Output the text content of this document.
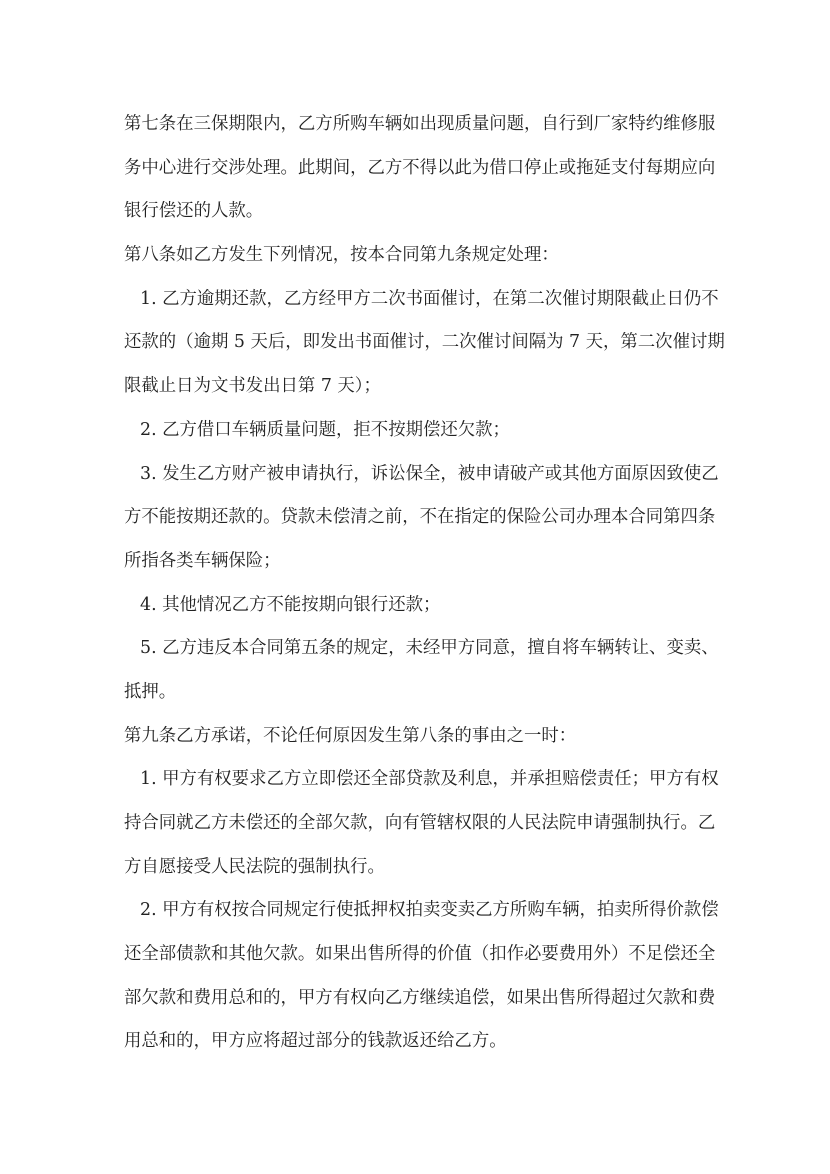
第七条在三保期限内，乙方所购车辆如出现质量问题，自行到厂家特约维修服
务中心进行交涉处理。此期间，乙方不得以此为借口停止或拖延支付每期应向
银行偿还的人款。
第八条如乙方发生下列情况，按本合同第九条规定处理：
1. 乙方逾期还款，乙方经甲方二次书面催讨，在第二次催讨期限截止日仍不
还款的（逾期 5 天后，即发出书面催讨，二次催讨间隔为 7 天，第二次催讨期
限截止日为文书发出日第 7 天）；
2. 乙方借口车辆质量问题，拒不按期偿还欠款；
3. 发生乙方财产被申请执行，诉讼保全，被申请破产或其他方面原因致使乙
方不能按期还款的。贷款未偿清之前，不在指定的保险公司办理本合同第四条
所指各类车辆保险；
4. 其他情况乙方不能按期向银行还款；
5. 乙方违反本合同第五条的规定，未经甲方同意，擅自将车辆转让、变卖、
抵押。
第九条乙方承诺，不论任何原因发生第八条的事由之一时：
1. 甲方有权要求乙方立即偿还全部贷款及利息，并承担赔偿责任；甲方有权
持合同就乙方未偿还的全部欠款，向有管辖权限的人民法院申请强制执行。乙
方自愿接受人民法院的强制执行。
2. 甲方有权按合同规定行使抵押权拍卖变卖乙方所购车辆，拍卖所得价款偿
还全部债款和其他欠款。如果出售所得的价值（扣作必要费用外）不足偿还全
部欠款和费用总和的，甲方有权向乙方继续追偿，如果出售所得超过欠款和费
用总和的，甲方应将超过部分的钱款返还给乙方。
